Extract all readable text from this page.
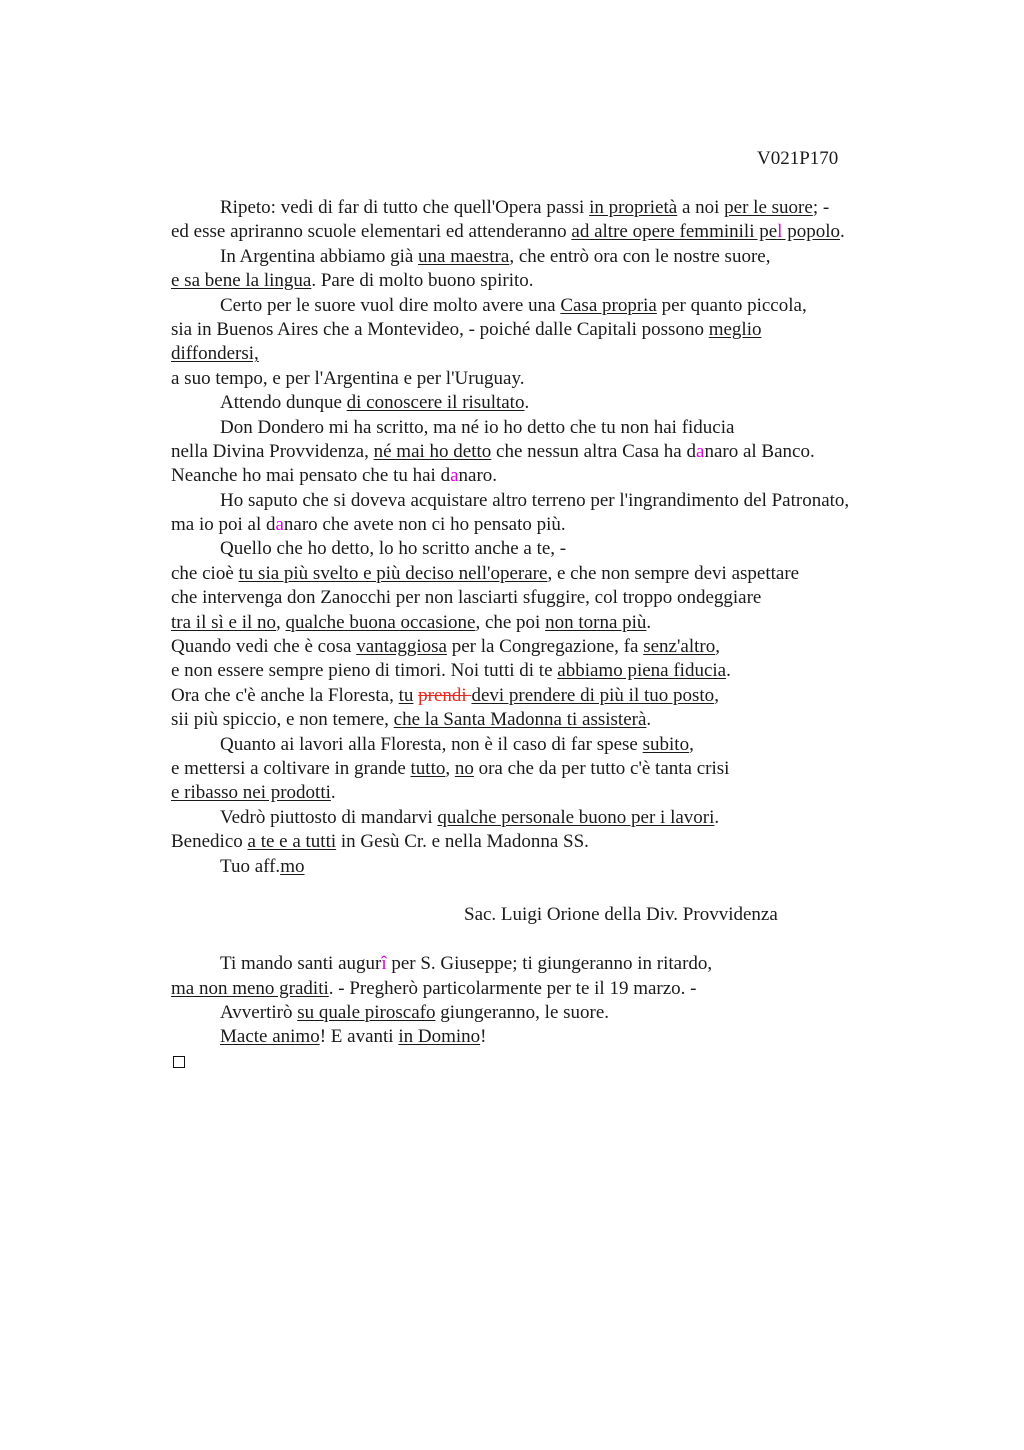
V021P170
Ripeto: vedi di far di tutto che quell'Opera passi in proprietà a noi per le suore; -
ed esse apriranno scuole elementari ed attenderanno ad altre opere femminili pel popolo.
In Argentina abbiamo già una maestra, che entrò ora con le nostre suore,
e sa bene la lingua. Pare di molto buono spirito.
Certo per le suore vuol dire molto avere una Casa propria per quanto piccola,
sia in Buenos Aires che a Montevideo, - poiché dalle Capitali possono meglio
diffondersi,
a suo tempo, e per l'Argentina e per l'Uruguay.
Attendo dunque di conoscere il risultato.
Don Dondero mi ha scritto, ma né io ho detto che tu non hai fiducia
nella Divina Provvidenza, né mai ho detto che nessun altra Casa ha danaro al Banco.
Neanche ho mai pensato che tu hai danaro.
Ho saputo che si doveva acquistare altro terreno per l'ingrandimento del Patronato,
ma io poi al danaro che avete non ci ho pensato più.
Quello che ho detto, lo ho scritto anche a te, -
che cioè tu sia più svelto e più deciso nell'operare, e che non sempre devi aspettare
che intervenga don Zanocchi per non lasciarti sfuggire, col troppo ondeggiare
tra il sì e il no, qualche buona occasione, che poi non torna più.
Quando vedi che è cosa vantaggiosa per la Congregazione, fa senz'altro,
e non essere sempre pieno di timori. Noi tutti di te abbiamo piena fiducia.
Ora che c'è anche la Floresta, tu prendi devi prendere di più il tuo posto,
sii più spiccio, e non temere, che la Santa Madonna ti assisterà.
Quanto ai lavori alla Floresta, non è il caso di far spese subito,
e mettersi a coltivare in grande tutto, no ora che da per tutto c'è tanta crisi
e ribasso nei prodotti.
Vedrò piuttosto di mandarvi qualche personale buono per i lavori.
Benedico a te e a tutti in Gesù Cr. e nella Madonna SS.
Tuo aff.mo
Sac. Luigi Orione della Div. Provvidenza
Ti mando santi augurî per S. Giuseppe; ti giungeranno in ritardo,
ma non meno graditi. - Pregherò particolarmente per te il 19 marzo. -
Avvertirò su quale piroscafo giungeranno, le suore.
Macte animo! E avanti in Domino!
